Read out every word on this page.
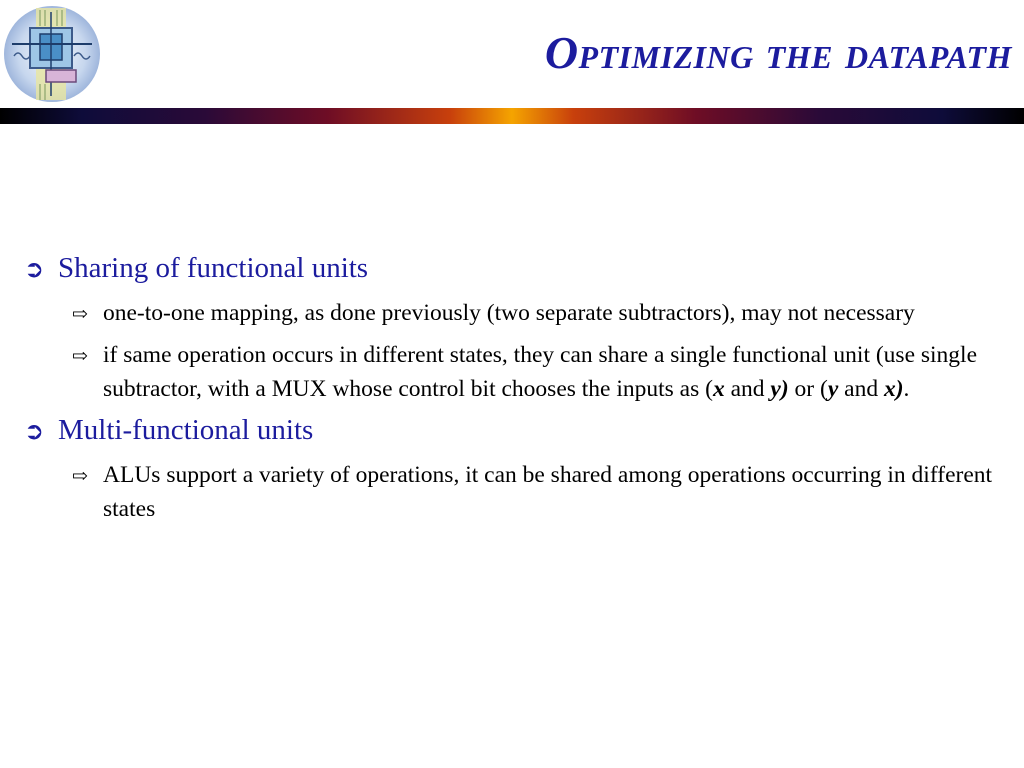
Optimizing the datapath
➲ Sharing of functional units
⇨ one-to-one mapping, as done previously (two separate subtractors), may not necessary
⇨ if same operation occurs in different states, they can share a single functional unit (use single subtractor, with a MUX whose control bit chooses the inputs as (x and y) or (y and x).
➲ Multi-functional units
⇨ ALUs support a variety of operations, it can be shared among operations occurring in different states
